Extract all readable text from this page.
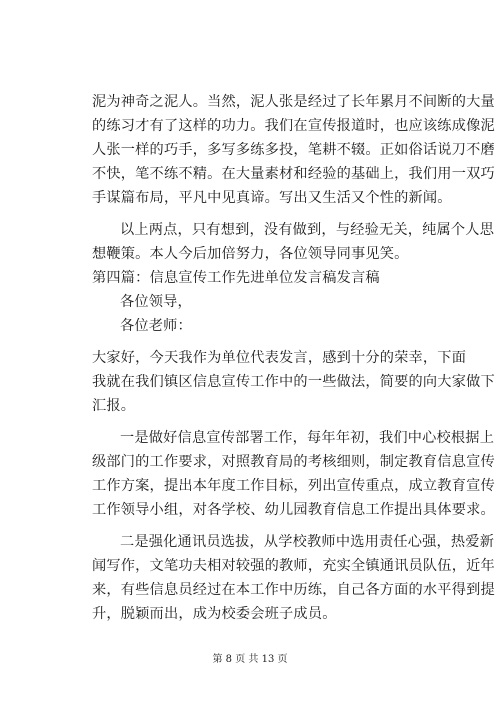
泥为神奇之泥人。当然，泥人张是经过了长年累月不间断的大量
的练习才有了这样的功力。我们在宣传报道时，也应该练成像泥
人张一样的巧手，多写多练多投，笔耕不辍。正如俗话说刀不磨
不快，笔不练不精。在大量素材和经验的基础上，我们用一双巧
手谋篇布局，平凡中见真谛。写出又生活又个性的新闻。
以上两点，只有想到，没有做到，与经验无关，纯属个人思
想鞭策。本人今后加倍努力，各位领导同事见笑。
第四篇：信息宣传工作先进单位发言稿发言稿
各位领导，
各位老师：
大家好，今天我作为单位代表发言，感到十分的荣幸，下面
我就在我们镇区信息宣传工作中的一些做法，简要的向大家做下
汇报。
一是做好信息宣传部署工作，每年年初，我们中心校根据上
级部门的工作要求，对照教育局的考核细则，制定教育信息宣传
工作方案，提出本年度工作目标，列出宣传重点，成立教育宣传
工作领导小组，对各学校、幼儿园教育信息工作提出具体要求。
二是强化通讯员选拔，从学校教师中选用责任心强，热爱新
闻写作，文笔功夫相对较强的教师，充实全镇通讯员队伍，近年
来，有些信息员经过在本工作中历练，自己各方面的水平得到提
升，脱颖而出，成为校委会班子成员。
第 8 页 共 13 页
